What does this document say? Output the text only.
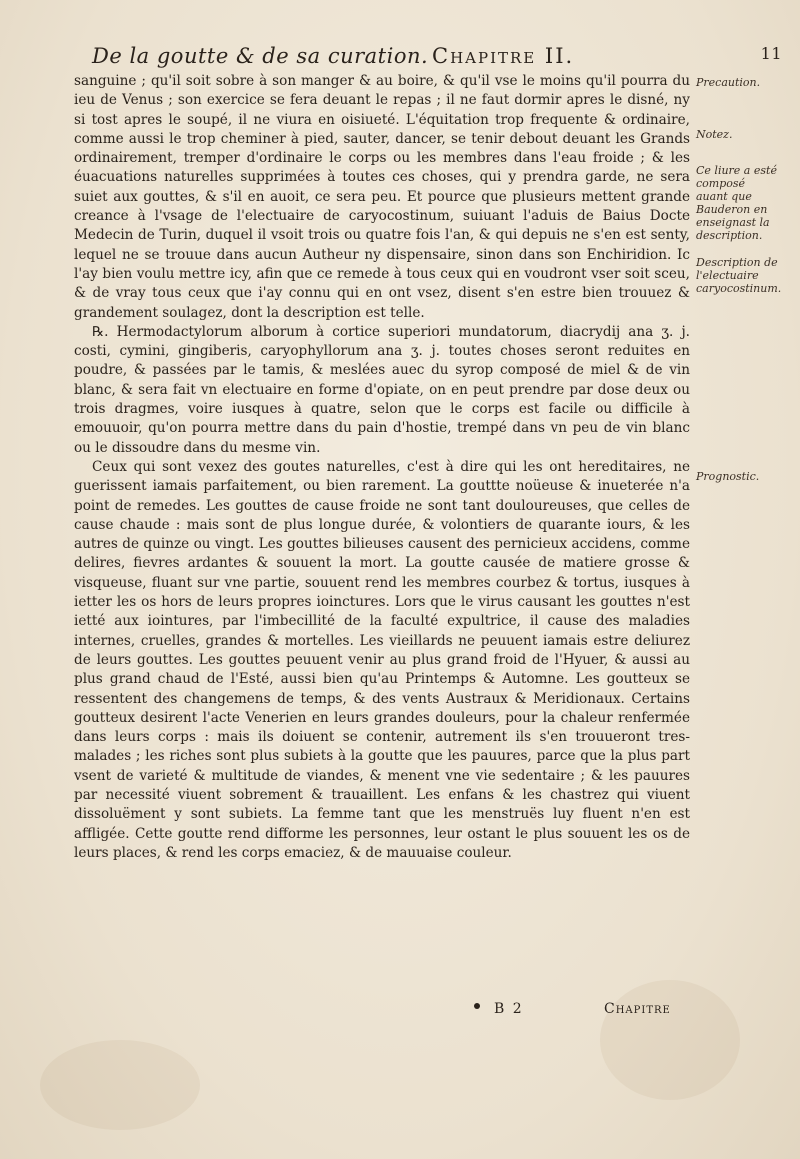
De la goutte & de sa curation. Chapitre II.	11

sanguine ; qu'il soit sobre à son manger & au boire, & qu'il vse le moins qu'il pourra du ieu de Venus ; son exercice se fera deuant le repas ; il ne faut dormir apres le disné, ny si tost apres le soupé, il ne viura en oisiueté. L'équitation trop frequente & ordinaire, comme aussi le trop cheminer à pied, sauter, dancer, se tenir debout deuant les Grands ordinairement, tremper d'ordinaire le corps ou les membres dans l'eau froide ; & les éuacuations naturelles supprimées à toutes ces choses, qui y prendra garde, ne sera suiet aux gouttes, & s'il en auoit, ce sera peu. Et pource que plusieurs mettent grande creance à l'vsage de l'electuaire de caryocostinum, suiuant l'aduis de Baius Docte Medecin de Turin, duquel il vsoit trois ou quatre fois l'an, & qui depuis ne s'en est senty, lequel ne se trouue dans aucun Autheur ny dispensaire, sinon dans son Enchiridion. Ic l'ay bien voulu mettre icy, afin que ce remede à tous ceux qui en voudront vser soit sceu, & de vray tous ceux que i'ay connu qui en ont vsez, disent s'en estre bien trouuez & grandement soulagez, dont la description est telle.

℞. Hermodactylorum alborum à cortice superiori mundatorum, diacrydij ana ʒ. j. costi, cymini, gingiberis, caryophyllorum ana ʒ. j. toutes choses seront reduites en poudre, & passées par le tamis, & meslées auec du syrop composé de miel & de vin blanc, & sera fait vn electuaire en forme d'opiate, on en peut prendre par dose deux ou trois dragmes, voire iusques à quatre, selon que le corps est facile ou difficile à emouuoir, qu'on pourra mettre dans du pain d'hostie, trempé dans vn peu de vin blanc ou le dissoudre dans du mesme vin.

Ceux qui sont vexez des goutes naturelles, c'est à dire qui les ont hereditaires, ne guerissent iamais parfaitement, ou bien rarement. La gouttte noüeuse & inueterée n'a point de remedes. Les gouttes de cause froide ne sont tant douloureuses, que celles de cause chaude : mais sont de plus longue durée, & volontiers de quarante iours, & les autres de quinze ou vingt. Les gouttes bilieuses causent des pernicieux accidens, comme delires, fievres ardantes & souuent la mort. La goutte causée de matiere grosse & visqueuse, fluant sur vne partie, souuent rend les membres courbez & tortus, iusques à ietter les os hors de leurs propres ioinctures. Lors que le virus causant les gouttes n'est ietté aux iointures, par l'imbecillité de la faculté expultrice, il cause des maladies internes, cruelles, grandes & mortelles. Les vieillards ne peuuent iamais estre deliurez de leurs gouttes. Les gouttes peuuent venir au plus grand froid de l'Hyuer, & aussi au plus grand chaud de l'Esté, aussi bien qu'au Printemps & Automne. Les goutteux se ressentent des changemens de temps, & des vents Austraux & Meridionaux. Certains goutteux desirent l'acte Venerien en leurs grandes douleurs, pour la chaleur renfermée dans leurs corps : mais ils doiuent se contenir, autrement ils s'en trouueront tres-malades ; les riches sont plus subiets à la goutte que les pauures, parce que la plus part vsent de varieté & multitude de viandes, & menent vne vie sedentaire ; & les pauures par necessité viuent sobrement & trauaillent. Les enfans & les chastrez qui viuent dissoluëment y sont subiets. La femme tant que les menstruës luy fluent n'en est affligée. Cette goutte rend difforme les personnes, leur ostant le plus souuent les os de leurs places, & rend les corps emaciez, & de mauuaise couleur.

Precaution.
Notez.
Ce liure a esté composé auant que Bauderon en enseignast la description.
Description de l'electuaire caryocostinum.
Prognostic.
B 2	Chapitre
